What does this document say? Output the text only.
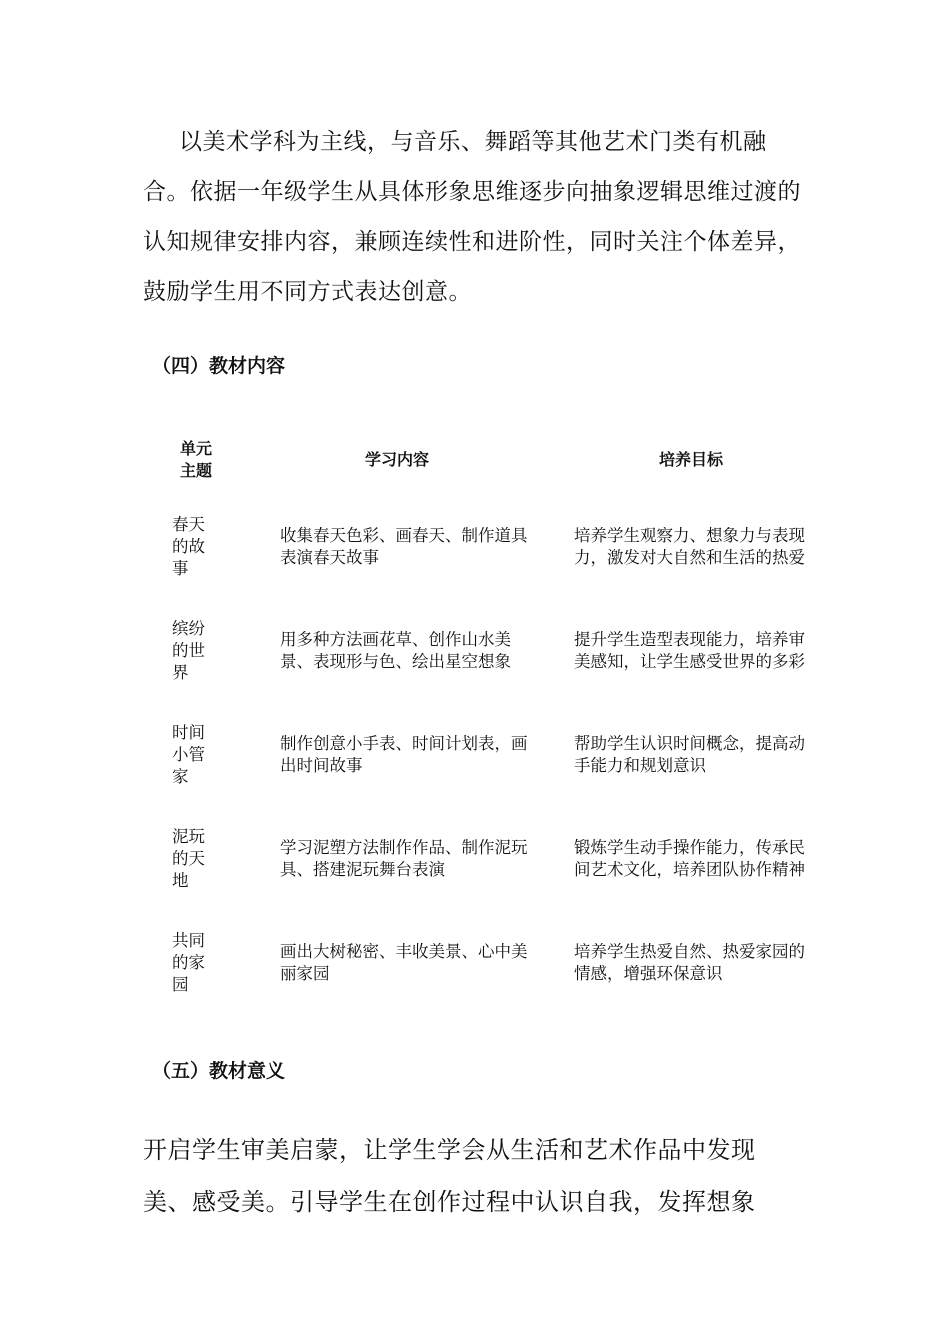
以美术学科为主线，与音乐、舞蹈等其他艺术门类有机融合。依据一年级学生从具体形象思维逐步向抽象逻辑思维过渡的认知规律安排内容，兼顾连续性和进阶性，同时关注个体差异，鼓励学生用不同方式表达创意。

（四）教材内容

单元主题	学习内容	培养目标

春天的故事	收集春天色彩、画春天、制作道具表演春天故事	培养学生观察力、想象力与表现力，激发对大自然和生活的热爱

缤纷的世界	用多种方法画花草、创作山水美景、表现形与色、绘出星空想象	提升学生造型表现能力，培养审美感知，让学生感受世界的多彩

时间小管家	制作创意小手表、时间计划表，画出时间故事	帮助学生认识时间概念，提高动手能力和规划意识

泥玩的天地	学习泥塑方法制作作品、制作泥玩具、搭建泥玩舞台表演	锻炼学生动手操作能力，传承民间艺术文化，培养团队协作精神

共同的家园	画出大树秘密、丰收美景、心中美丽家园	培养学生热爱自然、热爱家园的情感，增强环保意识

（五）教材意义

开启学生审美启蒙，让学生学会从生活和艺术作品中发现美、感受美。引导学生在创作过程中认识自我，发挥想象
